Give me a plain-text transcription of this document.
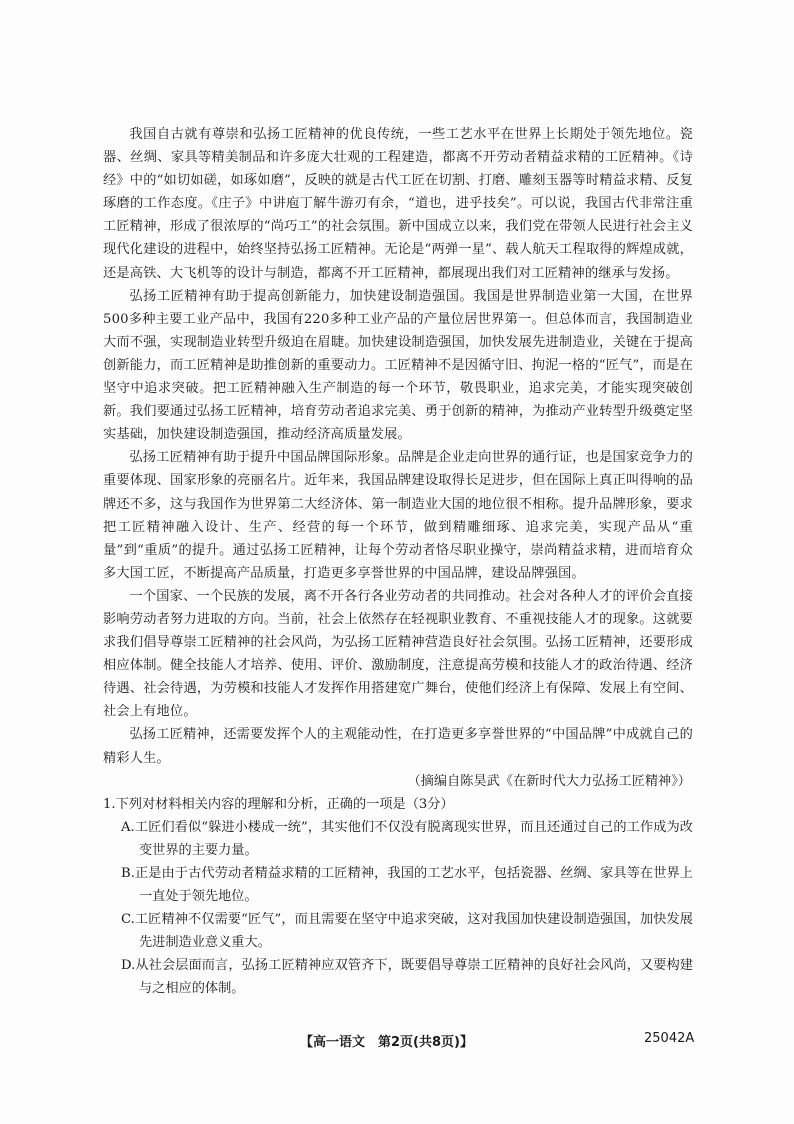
我国自古就有尊崇和弘扬工匠精神的优良传统，一些工艺水平在世界上长期处于领先地位。瓷器、丝绸、家具等精美制品和许多庞大壮观的工程建造，都离不开劳动者精益求精的工匠精神。《诗经》中的“如切如磋，如琢如磨”，反映的就是古代工匠在切割、打磨、雕刻玉器等时精益求精、反复琢磨的工作态度。《庄子》中讲庖丁解牛游刃有余，“道也，进乎技矣”。可以说，我国古代非常注重工匠精神，形成了很浓厚的“尚巧工”的社会氛围。新中国成立以来，我们党在带领人民进行社会主义现代化建设的进程中，始终坚持弘扬工匠精神。无论是“两弹一星”、载人航天工程取得的辉煌成就，还是高铁、大飞机等的设计与制造，都离不开工匠精神，都展现出我们对工匠精神的继承与发扬。

弘扬工匠精神有助于提高创新能力，加快建设制造强国。我国是世界制造业第一大国，在世界500多种主要工业产品中，我国有220多种工业产品的产量位居世界第一。但总体而言，我国制造业大而不强，实现制造业转型升级迫在眉睫。加快建设制造强国，加快发展先进制造业，关键在于提高创新能力，而工匠精神是助推创新的重要动力。工匠精神不是因循守旧、拘泥一格的“匠气”，而是在坚守中追求突破。把工匠精神融入生产制造的每一个环节，敬畏职业，追求完美，才能实现突破创新。我们要通过弘扬工匠精神，培育劳动者追求完美、勇于创新的精神，为推动产业转型升级奠定坚实基础，加快建设制造强国，推动经济高质量发展。

弘扬工匠精神有助于提升中国品牌国际形象。品牌是企业走向世界的通行证，也是国家竞争力的重要体现、国家形象的亮丽名片。近年来，我国品牌建设取得长足进步，但在国际上真正叫得响的品牌还不多，这与我国作为世界第二大经济体、第一制造业大国的地位很不相称。提升品牌形象，要求把工匠精神融入设计、生产、经营的每一个环节，做到精雕细琢、追求完美，实现产品从“重量”到“重质”的提升。通过弘扬工匠精神，让每个劳动者恪尽职业操守，崇尚精益求精，进而培育众多大国工匠，不断提高产品质量，打造更多享誉世界的中国品牌，建设品牌强国。

一个国家、一个民族的发展，离不开各行各业劳动者的共同推动。社会对各种人才的评价会直接影响劳动者努力进取的方向。当前，社会上依然存在轻视职业教育、不重视技能人才的现象。这就要求我们倡导尊崇工匠精神的社会风尚，为弘扬工匠精神营造良好社会氛围。弘扬工匠精神，还要形成相应体制。健全技能人才培养、使用、评价、激励制度，注意提高劳模和技能人才的政治待遇、经济待遇、社会待遇，为劳模和技能人才发挥作用搭建宽广舞台，使他们经济上有保障、发展上有空间、社会上有地位。

弘扬工匠精神，还需要发挥个人的主观能动性，在打造更多享誉世界的“中国品牌”中成就自己的精彩人生。

（摘编自陈昊武《在新时代大力弘扬工匠精神》）

1.下列对材料相关内容的理解和分析，正确的一项是（3分）

A.工匠们看似“躲进小楼成一统”，其实他们不仅没有脱离现实世界，而且还通过自己的工作成为改变世界的主要力量。

B.正是由于古代劳动者精益求精的工匠精神，我国的工艺水平，包括瓷器、丝绸、家具等在世界上一直处于领先地位。

C.工匠精神不仅需要“匠气”，而且需要在坚守中追求突破，这对我国加快建设制造强国，加快发展先进制造业意义重大。

D.从社会层面而言，弘扬工匠精神应双管齐下，既要倡导尊崇工匠精神的良好社会风尚，又要构建与之相应的体制。

【高一语文　第2页(共8页)】	25042A
